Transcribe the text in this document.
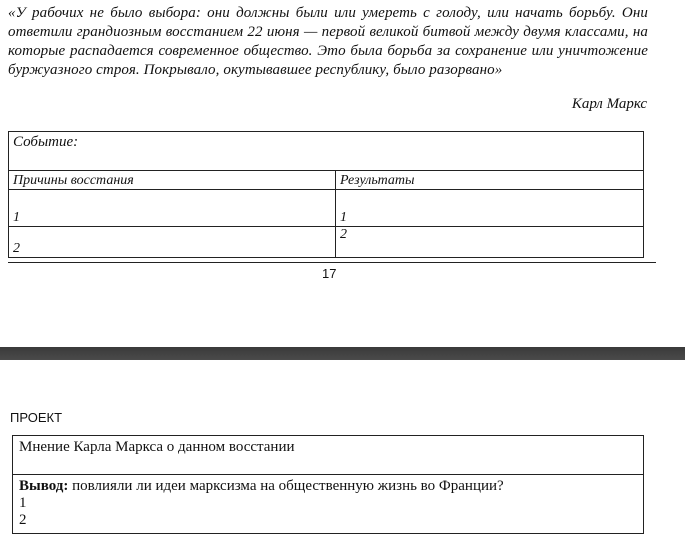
«У рабочих не было выбора: они должны были или умереть с голоду, или начать борьбу. Они ответили грандиозным восстанием 22 июня — первой великой битвой между двумя классами, на которые распадается современное общество. Это была борьба за сохранение или уничтожение буржуазного строя. Покрывало, окутывавшее республику, было разорвано»
Карл Маркс
Событие:	
Причины восстания	Результаты
1	1
2	2
17
ПРОЕКТ
Мнение Карла Маркса о данном восстании
Вывод: повлияли ли идеи марксизма на общественную жизнь во Франции?
1
2
